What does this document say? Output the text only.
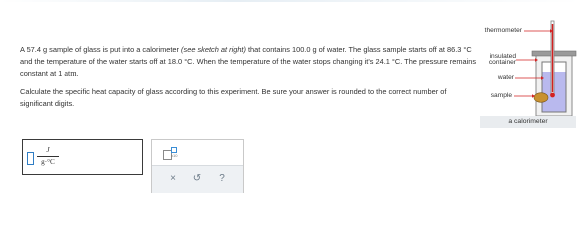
A 57.4 g sample of glass is put into a calorimeter (see sketch at right) that contains 100.0 g of water. The glass sample starts off at 86.3 °C and the temperature of the water starts off at 18.0 °C. When the temperature of the water stops changing it's 24.1 °C. The pressure remains constant at 1 atm.

Calculate the specific heat capacity of glass according to this experiment. Be sure your answer is rounded to the correct number of significant digits.

J
g·°C
x10
×	↺	?
thermometer
insulated
container
water
sample
a calorimeter
